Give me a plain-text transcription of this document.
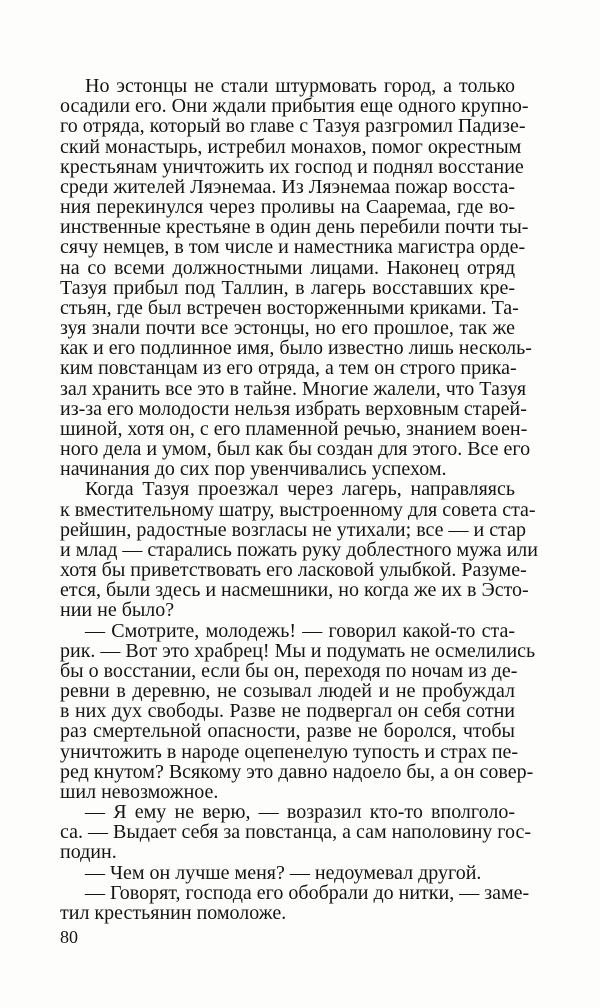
Но эстонцы не стали штурмовать город, а только
осадили его. Они ждали прибытия еще одного крупно-
го отряда, который во главе с Тазуя разгромил Падизе-
ский монастырь, истребил монахов, помог окрестным
крестьянам уничтожить их господ и поднял восстание
среди жителей Ляэнемаа. Из Ляэнемаа пожар восста-
ния перекинулся через проливы на Сааремаа, где во-
инственные крестьяне в один день перебили почти ты-
сячу немцев, в том числе и наместника магистра орде-
на со всеми должностными лицами. Наконец отряд
Тазуя прибыл под Таллин, в лагерь восставших кре-
стьян, где был встречен восторженными криками. Та-
зуя знали почти все эстонцы, но его прошлое, так же
как и его подлинное имя, было известно лишь несколь-
ким повстанцам из его отряда, а тем он строго прика-
зал хранить все это в тайне. Многие жалели, что Тазуя
из-за его молодости нельзя избрать верховным старей-
шиной, хотя он, с его пламенной речью, знанием воен-
ного дела и умом, был как бы создан для этого. Все его
начинания до сих пор увенчивались успехом.
Когда Тазуя проезжал через лагерь, направляясь
к вместительному шатру, выстроенному для совета ста-
рейшин, радостные возгласы не утихали; все — и стар
и млад — старались пожать руку доблестного мужа или
хотя бы приветствовать его ласковой улыбкой. Разуме-
ется, были здесь и насмешники, но когда же их в Эсто-
нии не было?
— Смотрите, молодежь! — говорил какой-то ста-
рик. — Вот это храбрец! Мы и подумать не осмелились
бы о восстании, если бы он, переходя по ночам из де-
ревни в деревню, не созывал людей и не пробуждал
в них дух свободы. Разве не подвергал он себя сотни
раз смертельной опасности, разве не боролся, чтобы
уничтожить в народе оцепенелую тупость и страх пе-
ред кнутом? Всякому это давно надоело бы, а он совер-
шил невозможное.
— Я ему не верю, — возразил кто-то вполголо-
са. — Выдает себя за повстанца, а сам наполовину гос-
подин.
— Чем он лучше меня? — недоумевал другой.
— Говорят, господа его обобрали до нитки, — заме-
тил крестьянин помоложе.
80
